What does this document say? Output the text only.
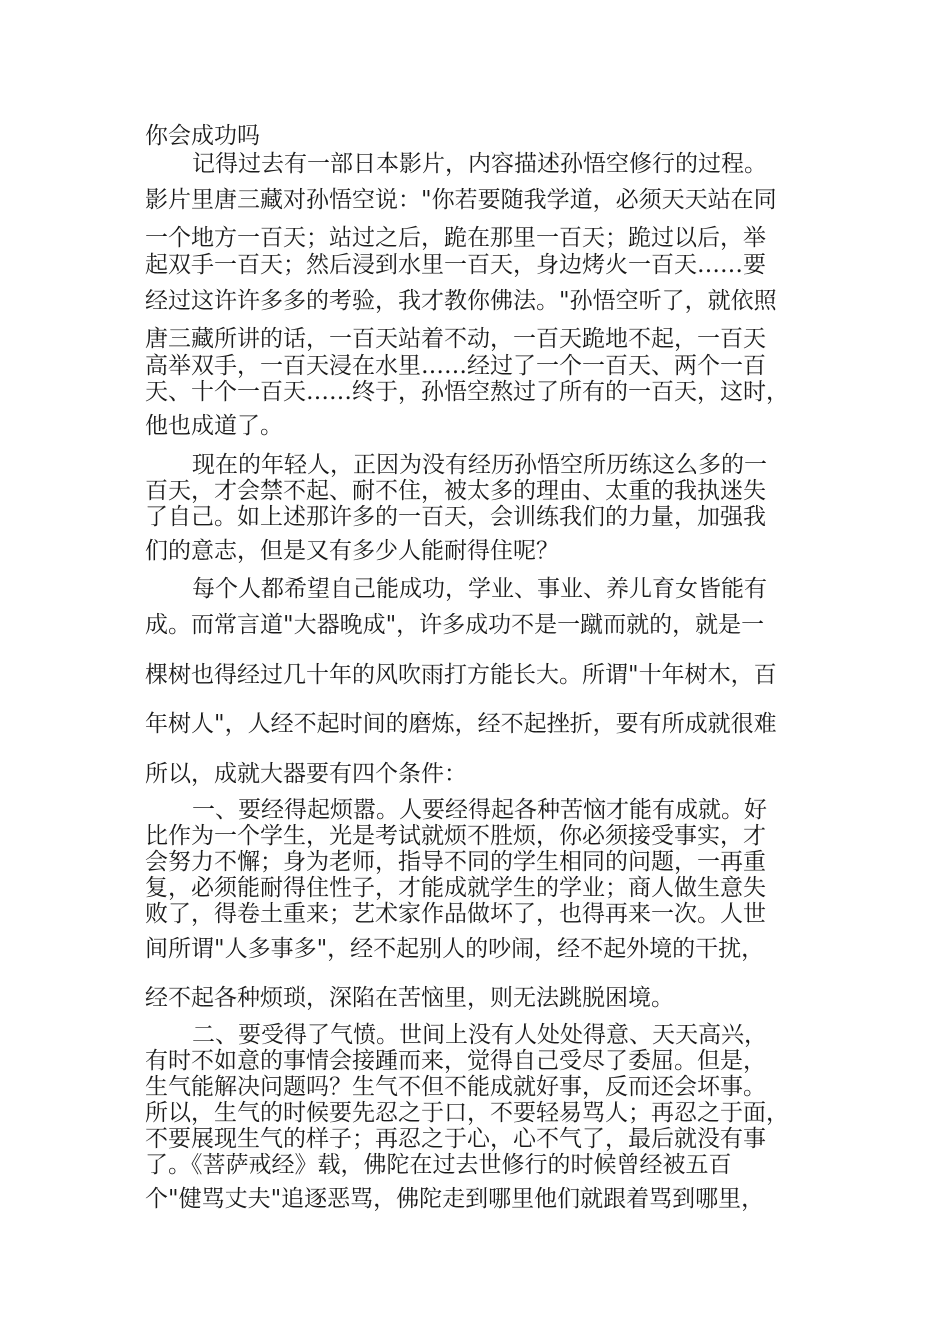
你会成功吗

记得过去有一部日本影片，内容描述孙悟空修行的过程。

影片里唐三藏对孙悟空说："你若要随我学道，必须天天站在同

一个地方一百天；站过之后，跪在那里一百天；跪过以后，举

起双手一百天；然后浸到水里一百天，身边烤火一百天……要

经过这许许多多的考验，我才教你佛法。"孙悟空听了，就依照

唐三藏所讲的话，一百天站着不动，一百天跪地不起，一百天

高举双手，一百天浸在水里……经过了一个一百天、两个一百

天、十个一百天……终于，孙悟空熬过了所有的一百天，这时，

他也成道了。

现在的年轻人，正因为没有经历孙悟空所历练这么多的一

百天，才会禁不起、耐不住，被太多的理由、太重的我执迷失

了自己。如上述那许多的一百天，会训练我们的力量，加强我

们的意志，但是又有多少人能耐得住呢？

每个人都希望自己能成功，学业、事业、养儿育女皆能有

成。而常言道"大器晚成"，许多成功不是一蹴而就的，就是一

棵树也得经过几十年的风吹雨打方能长大。所谓"十年树木，百

年树人"，人经不起时间的磨炼，经不起挫折，要有所成就很难

所以，成就大器要有四个条件：

一、要经得起烦嚣。人要经得起各种苦恼才能有成就。好

比作为一个学生，光是考试就烦不胜烦，你必须接受事实，才

会努力不懈；身为老师，指导不同的学生相同的问题，一再重

复，必须能耐得住性子，才能成就学生的学业；商人做生意失

败了，得卷土重来；艺术家作品做坏了，也得再来一次。人世

间所谓"人多事多"，经不起别人的吵闹，经不起外境的干扰，

经不起各种烦琐，深陷在苦恼里，则无法跳脱困境。

二、要受得了气愤。世间上没有人处处得意、天天高兴，

有时不如意的事情会接踵而来，觉得自己受尽了委屈。但是，

生气能解决问题吗？生气不但不能成就好事，反而还会坏事。

所以，生气的时候要先忍之于口，不要轻易骂人；再忍之于面，

不要展现生气的样子；再忍之于心，心不气了，最后就没有事

了。《菩萨戒经》载，佛陀在过去世修行的时候曾经被五百

个"健骂丈夫"追逐恶骂，佛陀走到哪里他们就跟着骂到哪里，
